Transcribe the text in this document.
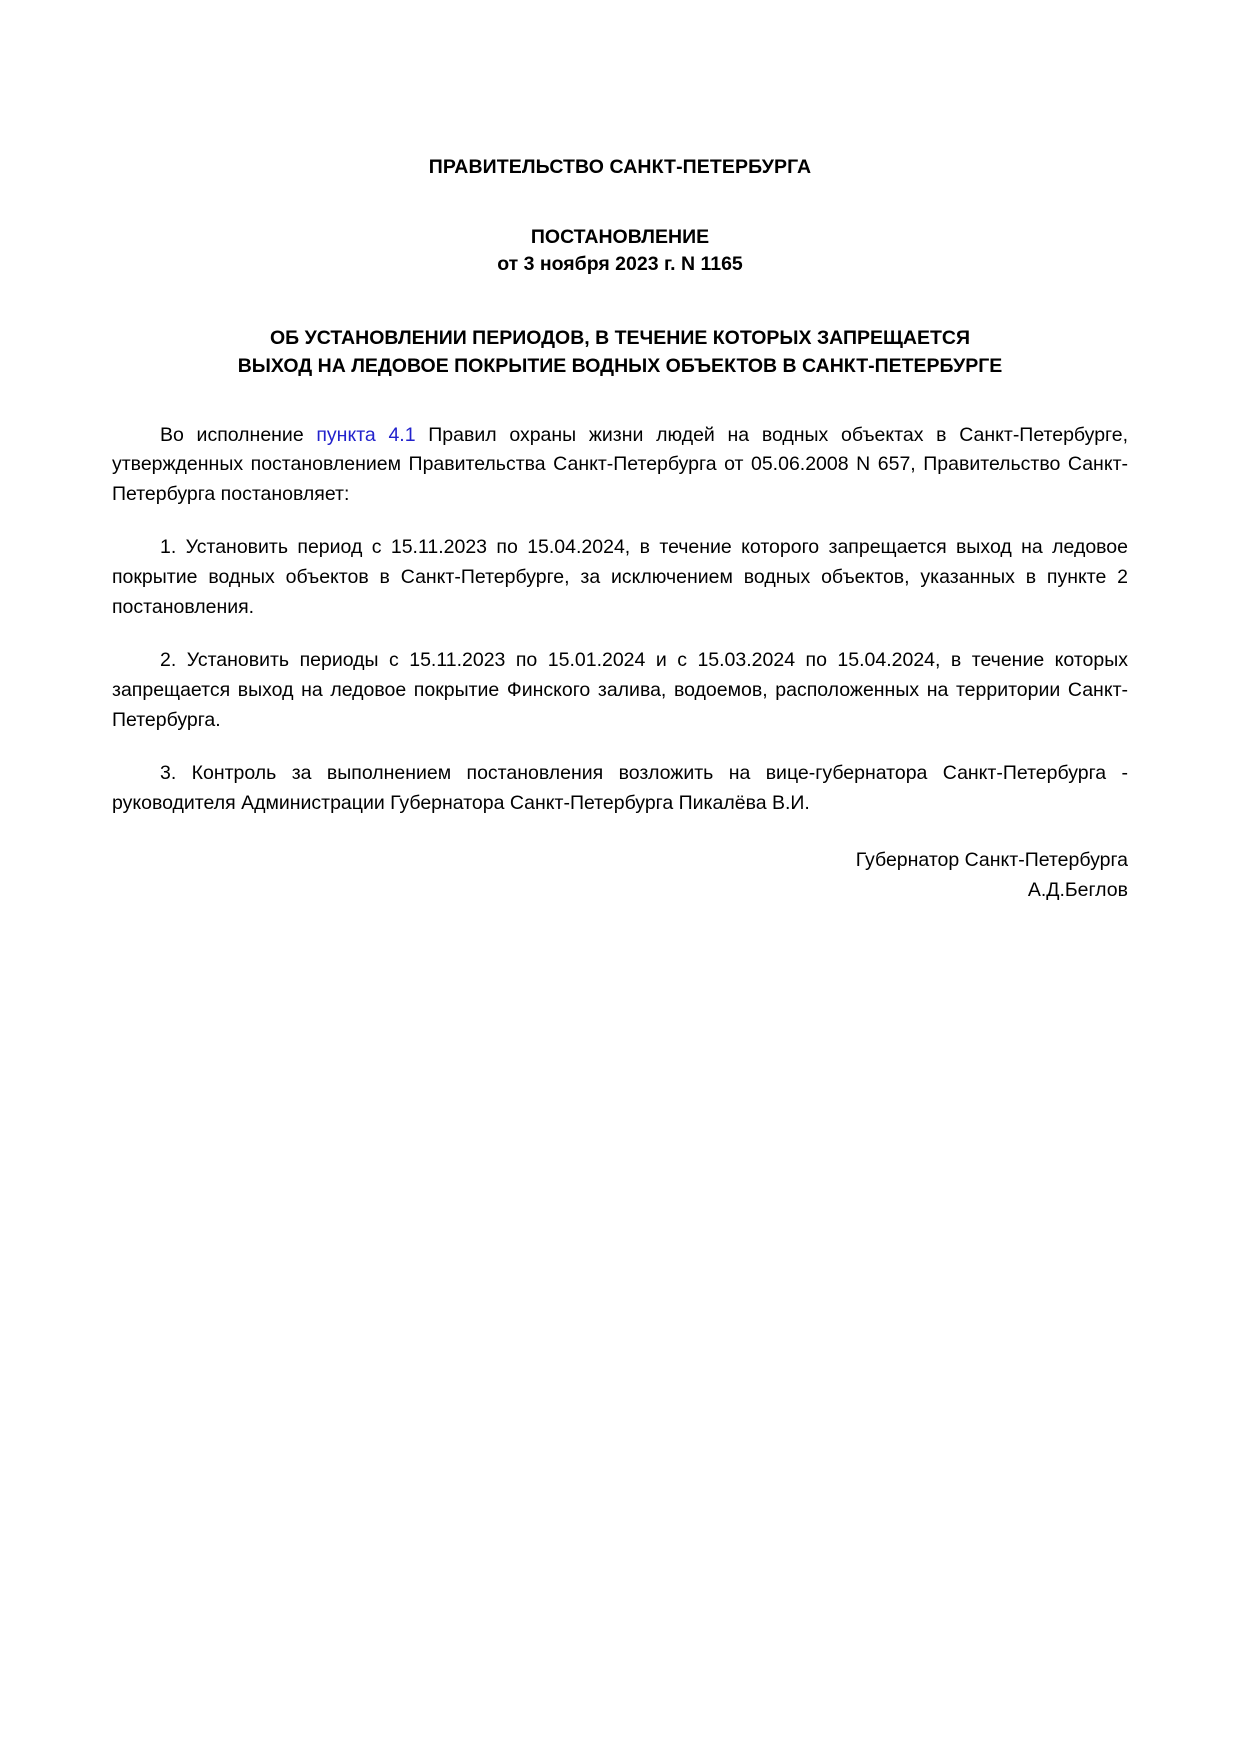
ПРАВИТЕЛЬСТВО САНКТ-ПЕТЕРБУРГА
ПОСТАНОВЛЕНИЕ
от 3 ноября 2023 г. N 1165
ОБ УСТАНОВЛЕНИИ ПЕРИОДОВ, В ТЕЧЕНИЕ КОТОРЫХ ЗАПРЕЩАЕТСЯ
ВЫХОД НА ЛЕДОВОЕ ПОКРЫТИЕ ВОДНЫХ ОБЪЕКТОВ В САНКТ-ПЕТЕРБУРГЕ

Во исполнение пункта 4.1 Правил охраны жизни людей на водных объектах в Санкт-Петербурге, утвержденных постановлением Правительства Санкт-Петербурга от 05.06.2008 N 657, Правительство Санкт-Петербурга постановляет:

1. Установить период с 15.11.2023 по 15.04.2024, в течение которого запрещается выход на ледовое покрытие водных объектов в Санкт-Петербурге, за исключением водных объектов, указанных в пункте 2 постановления.

2. Установить периоды с 15.11.2023 по 15.01.2024 и с 15.03.2024 по 15.04.2024, в течение которых запрещается выход на ледовое покрытие Финского залива, водоемов, расположенных на территории Санкт-Петербурга.

3. Контроль за выполнением постановления возложить на вице-губернатора Санкт-Петербурга - руководителя Администрации Губернатора Санкт-Петербурга Пикалёва В.И.

Губернатор Санкт-Петербурга
А.Д.Беглов
